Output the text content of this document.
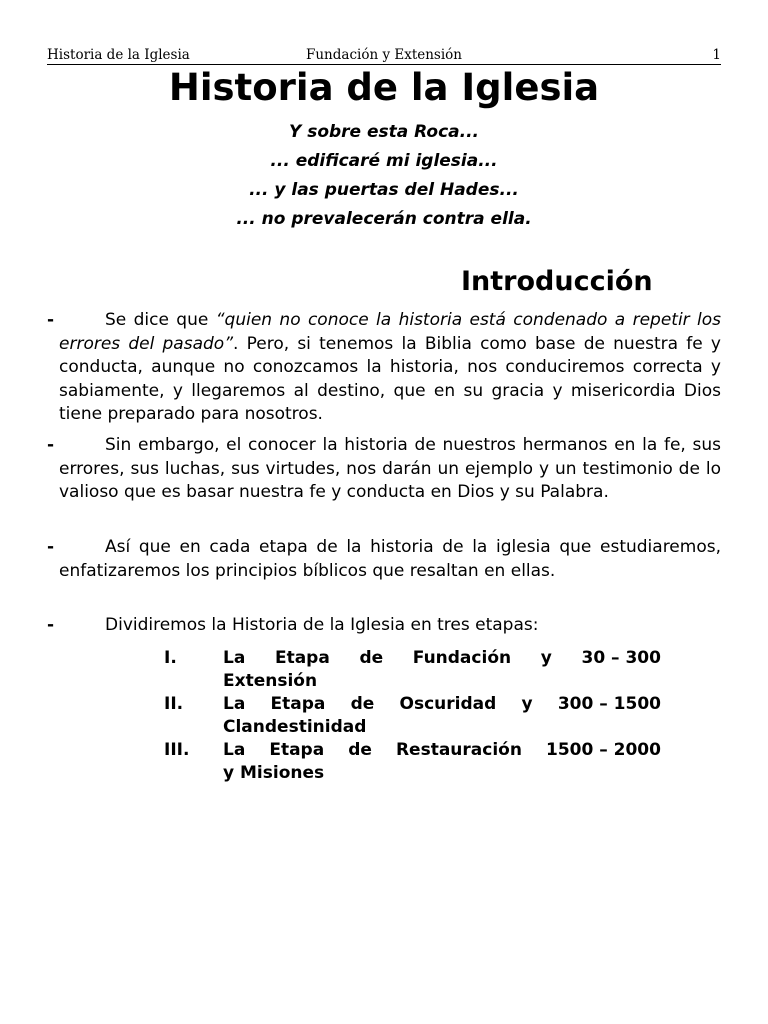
Historia de la Iglesia	Fundación y Extensión	1
Historia de la Iglesia
Y sobre esta Roca...
... edificaré mi iglesia...
... y las puertas del Hades...
... no prevalecerán contra ella.
Introducción
-	Se dice que “quien no conoce la historia está condenado a repetir los errores del pasado”. Pero, si tenemos la Biblia como base de nuestra fe y conducta, aunque no conozcamos la historia, nos conduciremos correcta y sabiamente, y llegaremos al destino, que en su gracia y misericordia Dios tiene preparado para nosotros.
-	Sin embargo, el conocer la historia de nuestros hermanos en la fe, sus errores, sus luchas, sus virtudes, nos darán un ejemplo y un testimonio de lo valioso que es basar nuestra fe y conducta en Dios y su Palabra.
-	Así que en cada etapa de la historia de la iglesia que estudiaremos, enfatizaremos los principios bíblicos que resaltan en ellas.
-	Dividiremos la Historia de la Iglesia en tres etapas:
I.	La Etapa de Fundación y 30 – 300
Extensión
II. La Etapa de Oscuridad y 300 – 1500
Clandestinidad
III. La Etapa de Restauración 1500 – 2000
y Misiones
